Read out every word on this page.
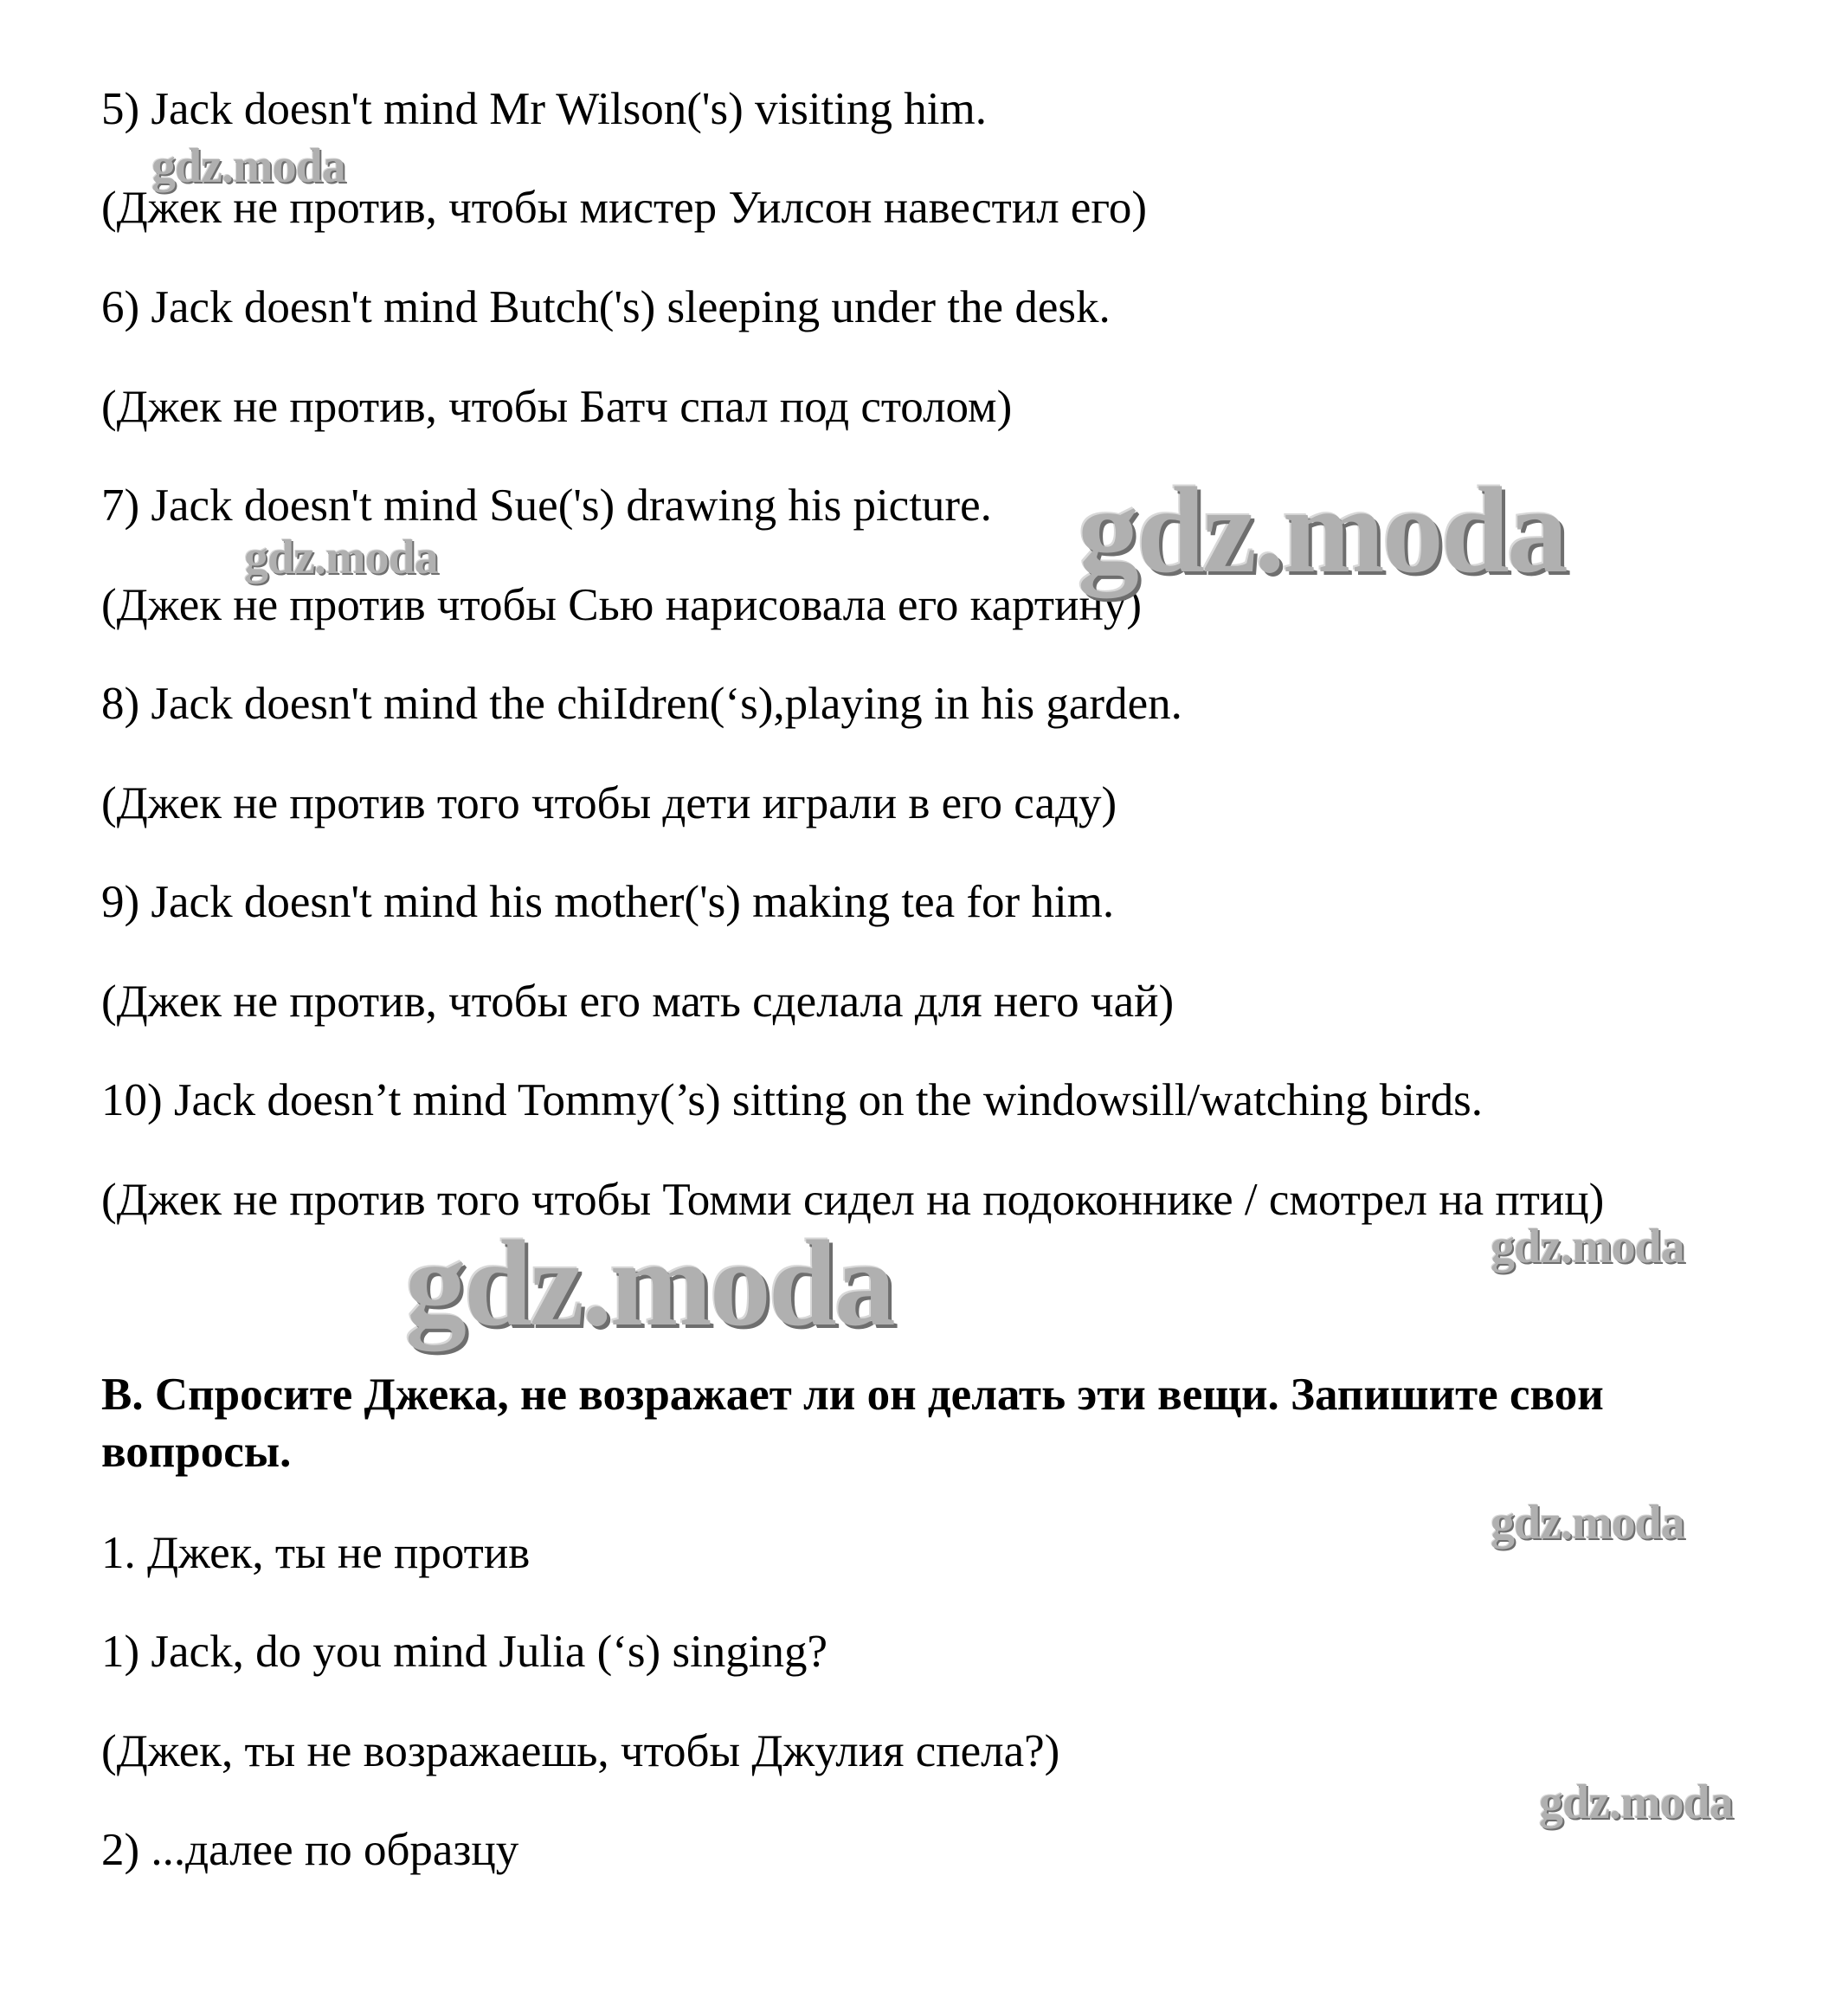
5) Jack doesn't mind Mr Wilson('s) visiting him.

(Джек не против, чтобы мистер Уилсон навестил его)

6) Jack doesn't mind Butch('s) sleeping under the desk.

(Джек не против, чтобы Батч спал под столом)

7) Jack doesn't mind Sue('s) drawing his picture.

(Джек не против чтобы Сью нарисовала его картину)

8) Jack doesn't mind the chiIdren(‘s),playing in his garden.

(Джек не против того чтобы дети играли в его саду)

9) Jack doesn't mind his mother('s) making tea for him.

(Джек не против, чтобы его мать сделала для него чай)

10) Jack doesn’t mind Tommy(’s) sitting on the windowsill/watching birds.

(Джек не против того чтобы Томми сидел на подоконнике / смотрел на птиц)

B. Спросите Джека, не возражает ли он делать эти вещи. Запишите свои вопросы.

1. Джек, ты не против

1) Jack, do you mind Julia (‘s) singing?

(Джек, ты не возражаешь, чтобы Джулия спела?)

2) ...далее по образцу

gdz.moda
gdz.moda
gdz.moda
gdz.moda	gdz.moda
gdz.moda
gdz.moda
